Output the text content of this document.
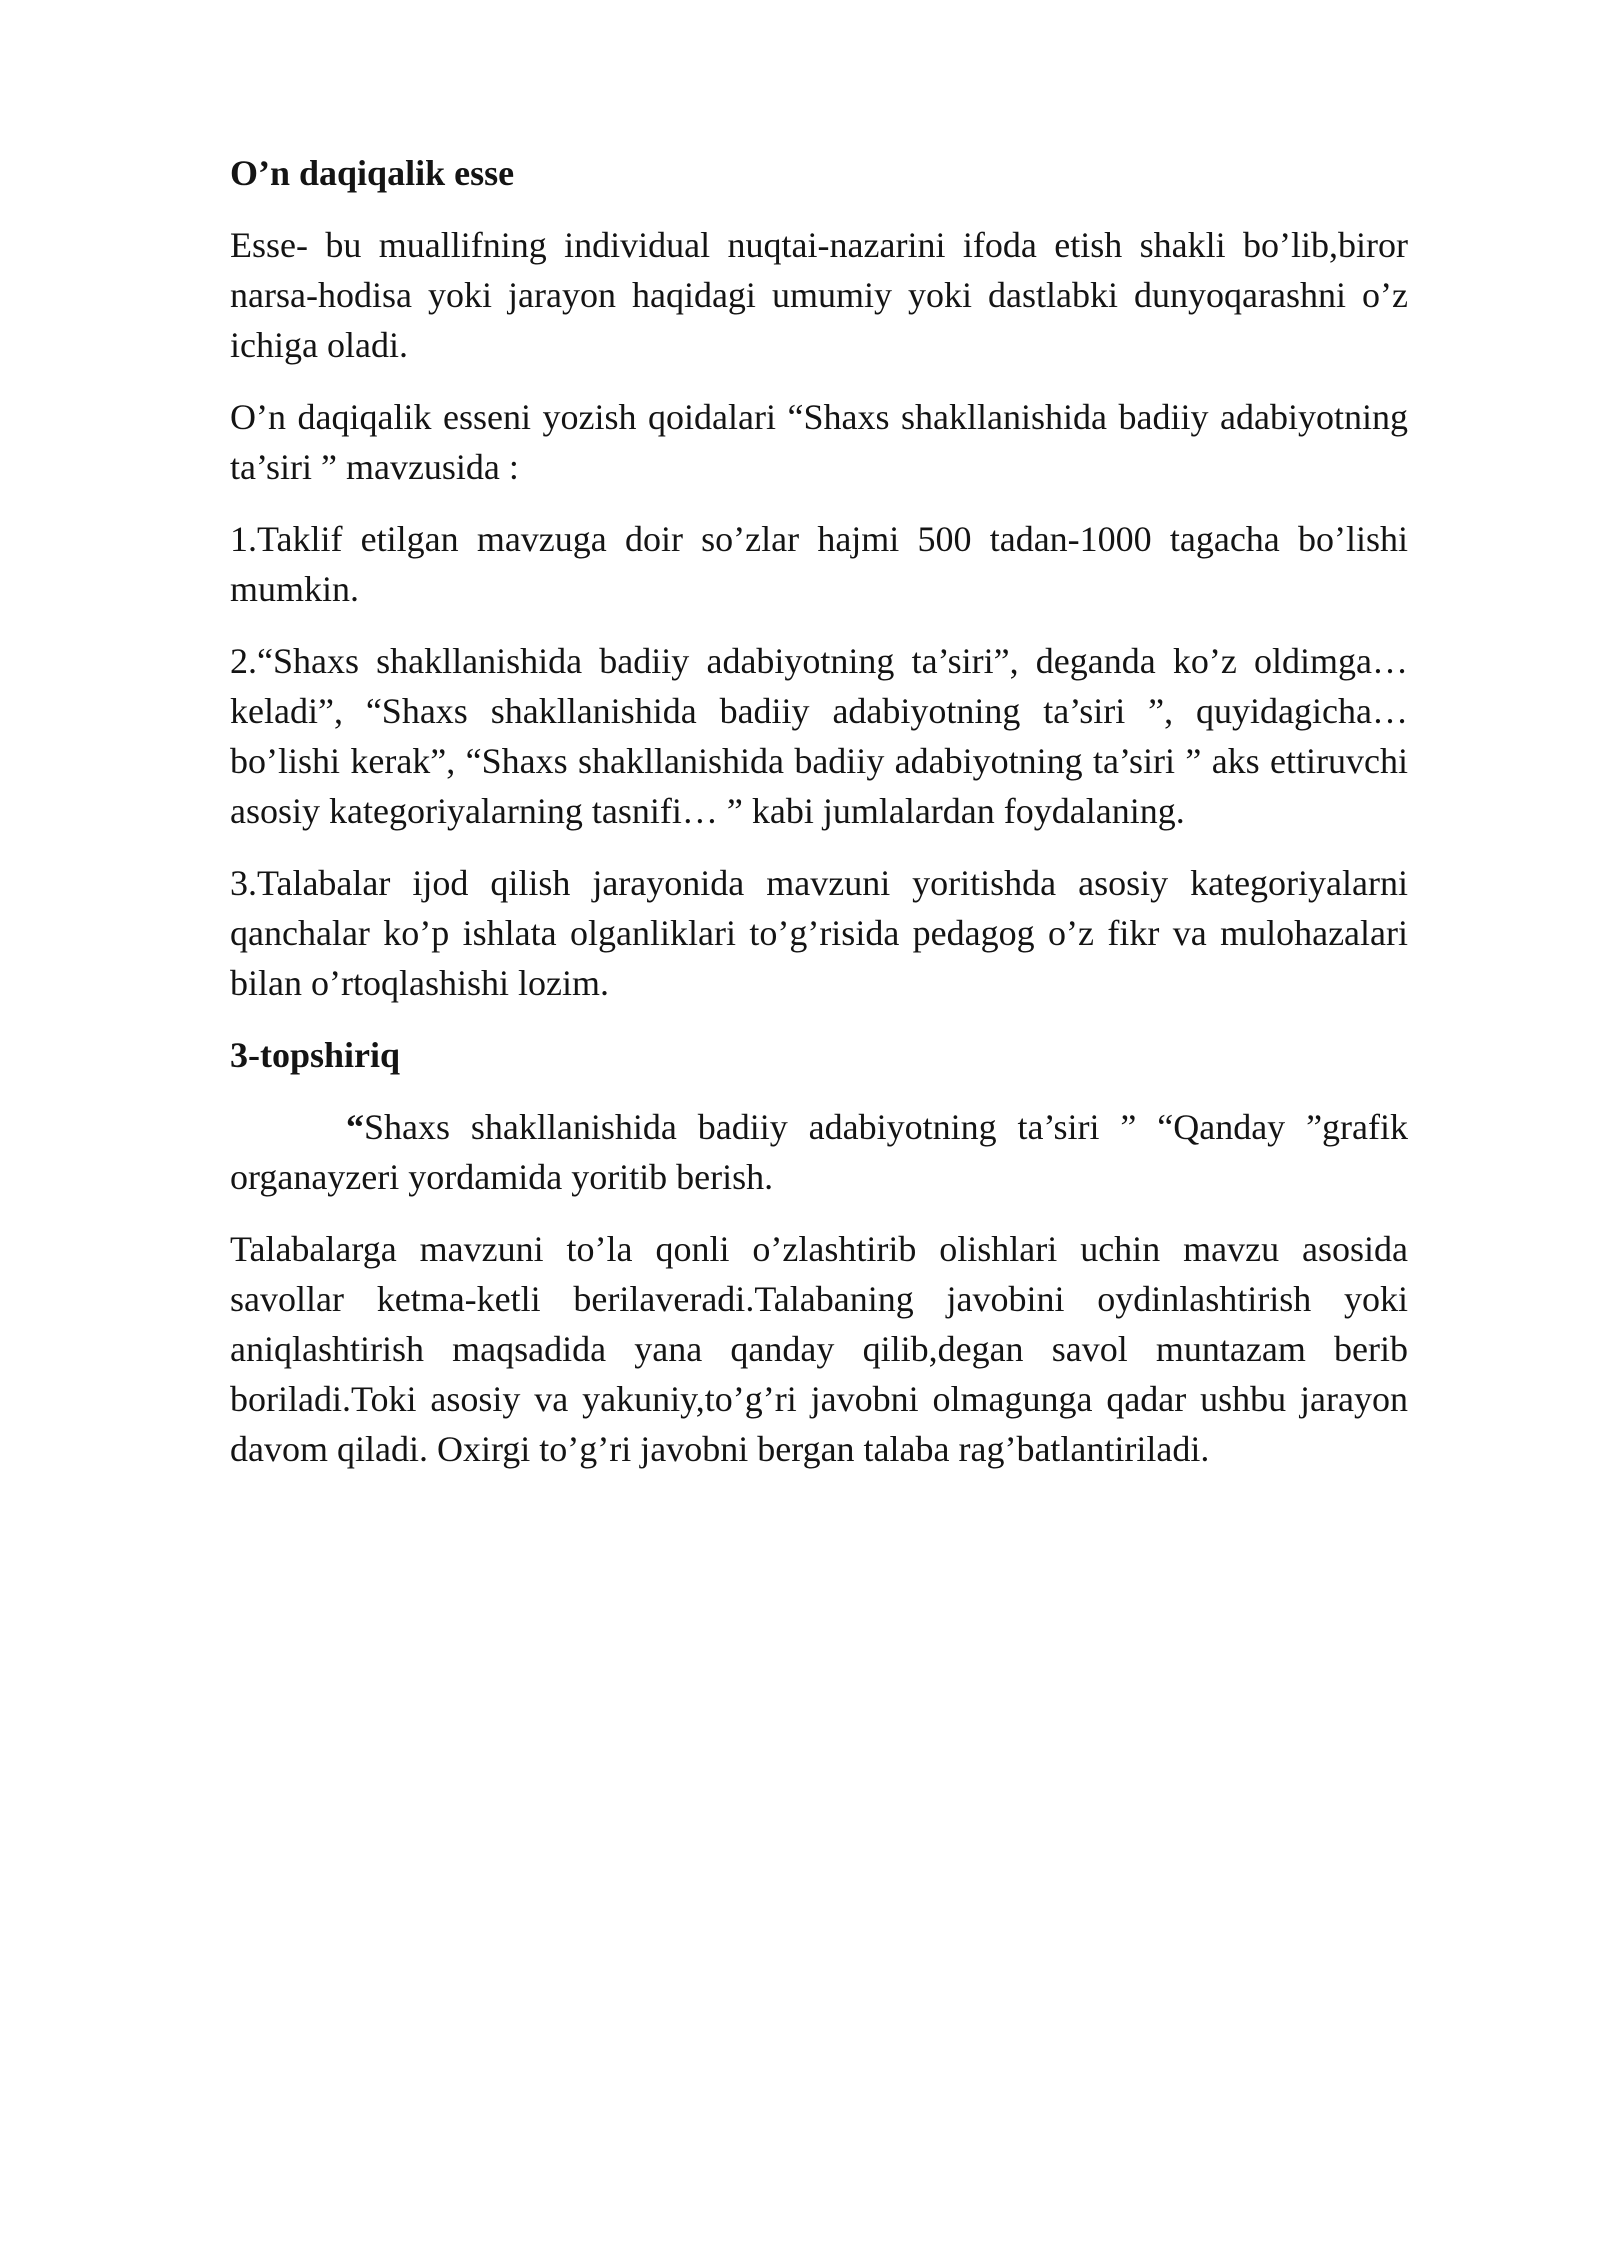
O’n daqiqalik esse

Esse- bu muallifning individual nuqtai-nazarini ifoda etish shakli bo’lib,biror narsa-hodisa yoki jarayon haqidagi umumiy yoki dastlabki dunyoqarashni o’z ichiga oladi.

O’n daqiqalik esseni yozish qoidalari “Shaxs shakllanishida badiiy adabiyotning ta’siri ” mavzusida :

1.Taklif etilgan mavzuga doir so’zlar hajmi 500 tadan-1000 tagacha bo’lishi mumkin.

2.“Shaxs shakllanishida badiiy adabiyotning ta’siri”, deganda ko’z oldimga… keladi”, “Shaxs shakllanishida badiiy adabiyotning ta’siri ”, quyidagicha… bo’lishi kerak”, “Shaxs shakllanishida badiiy adabiyotning ta’siri ” aks ettiruvchi asosiy kategoriyalarning tasnifi… ” kabi jumlalardan foydalaning.

3.Talabalar ijod qilish jarayonida mavzuni yoritishda asosiy kategoriyalarni qanchalar ko’p ishlata olganliklari to’g’risida pedagog o’z fikr va mulohazalari bilan o’rtoqlashishi lozim.

3-topshiriq

“Shaxs shakllanishida badiiy adabiyotning ta’siri ” “Qanday ”grafik organayzeri yordamida yoritib berish.

Talabalarga mavzuni to’la qonli o’zlashtirib olishlari uchin mavzu asosida savollar ketma-ketli berilaveradi.Talabaning javobini oydinlashtirish yoki aniqlashtirish maqsadida yana qanday qilib,degan savol muntazam berib boriladi.Toki asosiy va yakuniy,to’g’ri javobni olmagunga qadar ushbu jarayon davom qiladi. Oxirgi to’g’ri javobni bergan talaba rag’batlantiriladi.
